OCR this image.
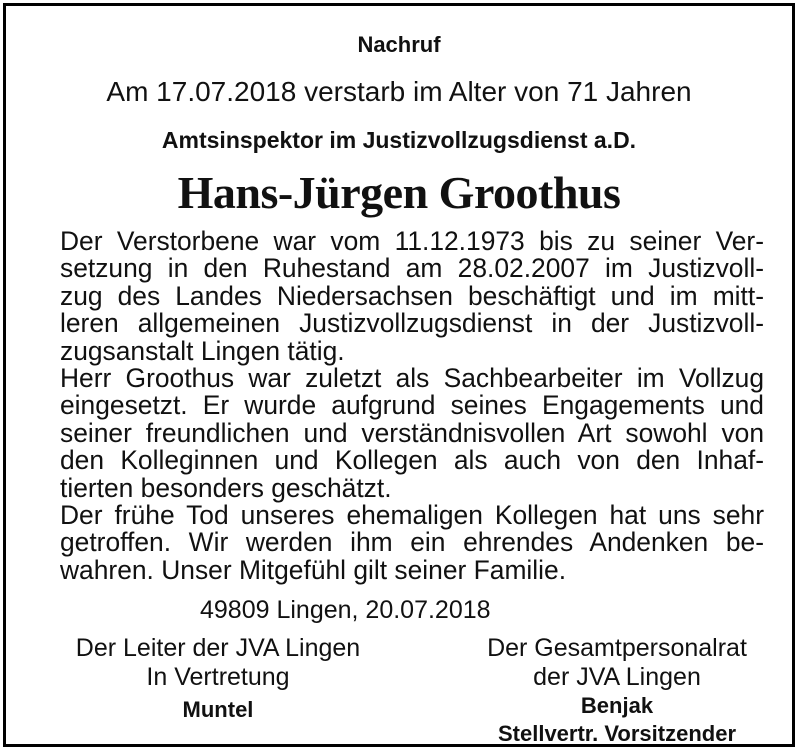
Nachruf
Am 17.07.2018 verstarb im Alter von 71 Jahren
Amtsinspektor im Justizvollzugsdienst a.D.
Hans-Jürgen Groothus
Der Verstorbene war vom 11.12.1973 bis zu seiner Ver-
setzung in den Ruhestand am 28.02.2007 im Justizvoll-
zug des Landes Niedersachsen beschäftigt und im mitt-
leren allgemeinen Justizvollzugsdienst in der Justizvoll-
zugsanstalt Lingen tätig.
Herr Groothus war zuletzt als Sachbearbeiter im Vollzug
eingesetzt. Er wurde aufgrund seines Engagements und
seiner freundlichen und verständnisvollen Art sowohl von
den Kolleginnen und Kollegen als auch von den Inhaf-
tierten besonders geschätzt.
Der frühe Tod unseres ehemaligen Kollegen hat uns sehr
getroffen. Wir werden ihm ein ehrendes Andenken be-
wahren. Unser Mitgefühl gilt seiner Familie.
49809 Lingen, 20.07.2018
Der Leiter der JVA Lingen
In Vertretung
Muntel
Der Gesamtpersonalrat
der JVA Lingen
Benjak
Stellvertr. Vorsitzender
